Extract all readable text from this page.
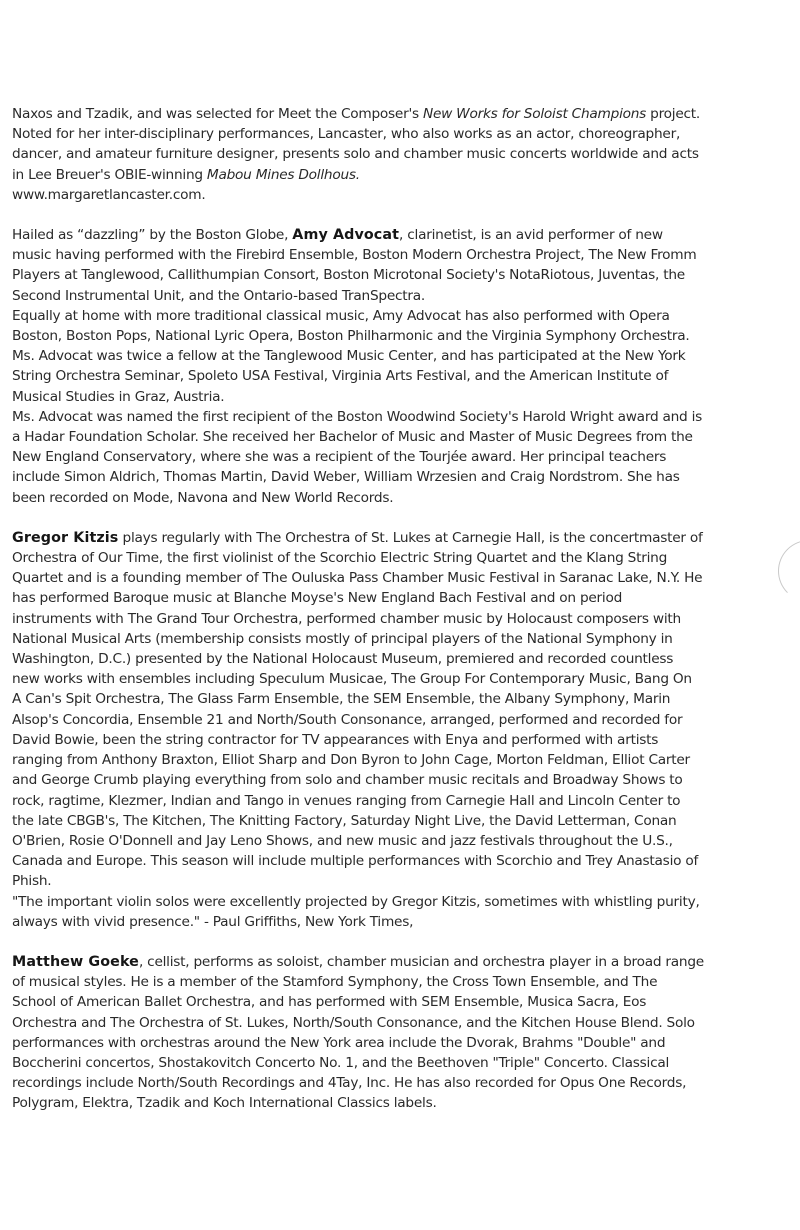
Naxos and Tzadik, and was selected for Meet the Composer's New Works for Soloist Champions project. Noted for her inter-disciplinary performances, Lancaster, who also works as an actor, choreographer, dancer, and amateur furniture designer, presents solo and chamber music concerts worldwide and acts in Lee Breuer's OBIE-winning Mabou Mines Dollhous.
www.margaretlancaster.com.

Hailed as “dazzling” by the Boston Globe, Amy Advocat, clarinetist, is an avid performer of new music having performed with the Firebird Ensemble, Boston Modern Orchestra Project, The New Fromm Players at Tanglewood, Callithumpian Consort, Boston Microtonal Society's NotaRiotous, Juventas, the Second Instrumental Unit, and the Ontario-based TranSpectra.

Equally at home with more traditional classical music, Amy Advocat has also performed with Opera Boston, Boston Pops, National Lyric Opera, Boston Philharmonic and the Virginia Symphony Orchestra. Ms. Advocat was twice a fellow at the Tanglewood Music Center, and has participated at the New York String Orchestra Seminar, Spoleto USA Festival, Virginia Arts Festival, and the American Institute of Musical Studies in Graz, Austria.

Ms. Advocat was named the first recipient of the Boston Woodwind Society's Harold Wright award and is a Hadar Foundation Scholar. She received her Bachelor of Music and Master of Music Degrees from the New England Conservatory, where she was a recipient of the Tourjée award. Her principal teachers include Simon Aldrich, Thomas Martin, David Weber, William Wrzesien and Craig Nordstrom. She has been recorded on Mode, Navona and New World Records.

Gregor Kitzis plays regularly with The Orchestra of St. Lukes at Carnegie Hall, is the concertmaster of Orchestra of Our Time, the first violinist of the Scorchio Electric String Quartet and the Klang String Quartet and is a founding member of The Ouluska Pass Chamber Music Festival in Saranac Lake, N.Y. He has performed Baroque music at Blanche Moyse's New England Bach Festival and on period instruments with The Grand Tour Orchestra, performed chamber music by Holocaust composers with National Musical Arts (membership consists mostly of principal players of the National Symphony in Washington, D.C.) presented by the National Holocaust Museum, premiered and recorded countless new works with ensembles including Speculum Musicae, The Group For Contemporary Music, Bang On A Can's Spit Orchestra, The Glass Farm Ensemble, the SEM Ensemble, the Albany Symphony, Marin Alsop's Concordia, Ensemble 21 and North/South Consonance, arranged, performed and recorded for David Bowie, been the string contractor for TV appearances with Enya and performed with artists ranging from Anthony Braxton, Elliot Sharp and Don Byron to John Cage, Morton Feldman, Elliot Carter and George Crumb playing everything from solo and chamber music recitals and Broadway Shows to rock, ragtime, Klezmer, Indian and Tango in venues ranging from Carnegie Hall and Lincoln Center to the late CBGB's, The Kitchen, The Knitting Factory, Saturday Night Live, the David Letterman, Conan O'Brien, Rosie O'Donnell and Jay Leno Shows, and new music and jazz festivals throughout the U.S., Canada and Europe. This season will include multiple performances with Scorchio and Trey Anastasio of Phish.

"The important violin solos were excellently projected by Gregor Kitzis, sometimes with whistling purity, always with vivid presence." - Paul Griffiths, New York Times,

Matthew Goeke, cellist, performs as soloist, chamber musician and orchestra player in a broad range of musical styles. He is a member of the Stamford Symphony, the Cross Town Ensemble, and The School of American Ballet Orchestra, and has performed with SEM Ensemble, Musica Sacra, Eos Orchestra and The Orchestra of St. Lukes, North/South Consonance, and the Kitchen House Blend. Solo performances with orchestras around the New York area include the Dvorak, Brahms "Double" and Boccherini concertos, Shostakovitch Concerto No. 1, and the Beethoven "Triple" Concerto. Classical recordings include North/South Recordings and 4Tay, Inc. He has also recorded for Opus One Records, Polygram, Elektra, Tzadik and Koch International Classics labels.
